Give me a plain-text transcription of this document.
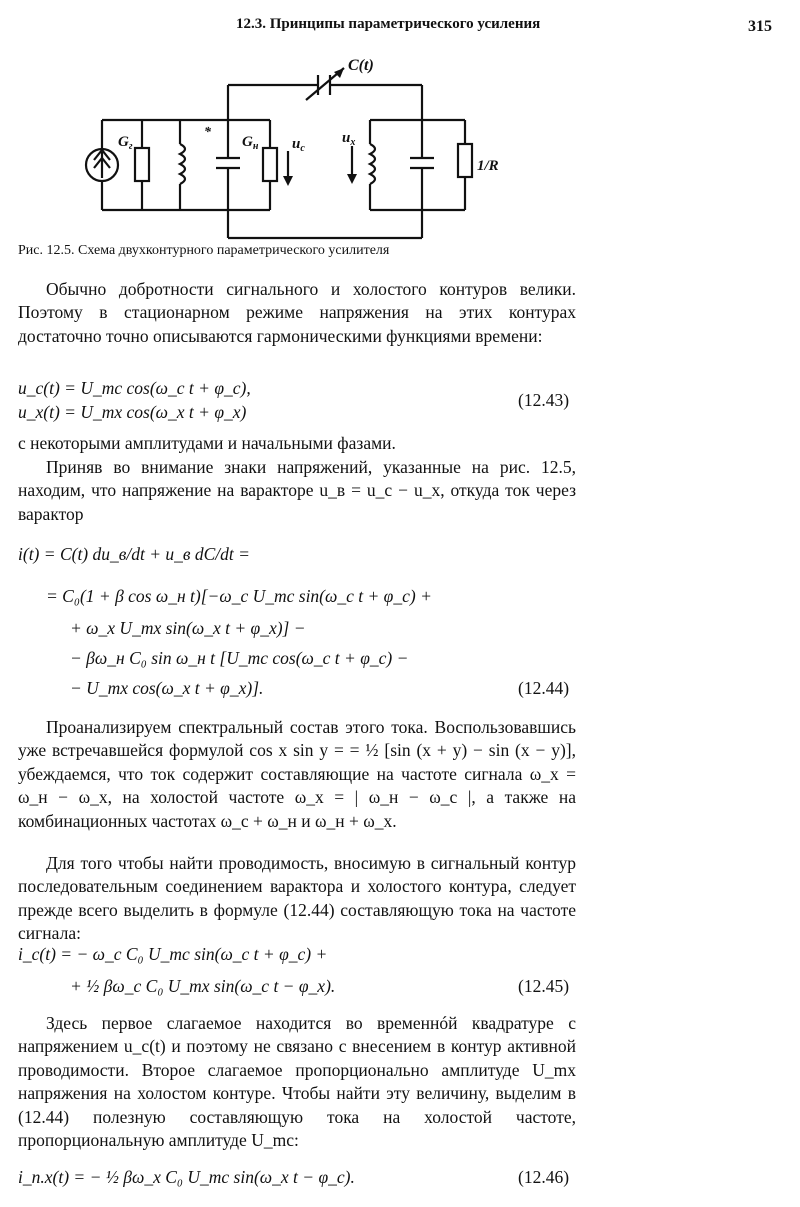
12.3. Принципы параметрического усиления	315
C(t)
$G_г$
*
$G_н$ $u_c$
$u_x$
1/R
Рис. 12.5. Схема двухконтурного параметрического усилителя
Обычно добротности сигнального и холостого контуров велики. Поэтому в стационарном режиме напряжения на этих контурах достаточно точно описываются гармоническими функциями времени:
u_с(t) = U_mс cos(ω_с t + φ_с),
u_х(t) = U_mх cos(ω_х t + φ_х)
(12.43)
с некоторыми амплитудами и начальными фазами.
Приняв во внимание знаки напряжений, указанные на рис. 12.5, находим, что напряжение на варакторе u_в = u_с − u_х, откуда ток через варактор
i(t) = C(t) du_в/dt + u_в dC/dt =
= C₀(1 + β cos ω_н t)[−ω_с U_mс sin(ω_с t + φ_с) +
+ ω_х U_mх sin(ω_х t + φ_х)] −
− βω_н C₀ sin ω_н t [U_mс cos(ω_с t + φ_с) −
− U_mх cos(ω_х t + φ_х)].	(12.44)
Проанализируем спектральный состав этого тока. Воспользовавшись уже встречавшейся формулой cos x sin y = = ½ [sin (x + y) − sin (x − y)], убеждаемся, что ток содержит составляющие на частоте сигнала ω_х = ω_н − ω_х, на холостой частоте ω_х = | ω_н − ω_с |, а также на комбинационных частотах ω_с + ω_н и ω_н + ω_х.
Для того чтобы найти проводимость, вносимую в сигнальный контур последовательным соединением варактора и холостого контура, следует прежде всего выделить в формуле (12.44) составляющую тока на частоте сигнала:
i_с(t) = − ω_с C₀ U_mс sin(ω_с t + φ_с) +
+ ½ βω_с C₀ U_mх sin(ω_с t − φ_х).	(12.45)
Здесь первое слагаемое находится во временнóй квадратуре с напряжением u_с(t) и поэтому не связано с внесением в контур активной проводимости. Второе слагаемое пропорционально амплитуде U_mх напряжения на холостом контуре. Чтобы найти эту величину, выделим в (12.44) полезную составляющую тока на холостой частоте, пропорциональную амплитуде U_mс:
i_п.х(t) = − ½ βω_х C₀ U_mс sin(ω_х t − φ_с).	(12.46)
